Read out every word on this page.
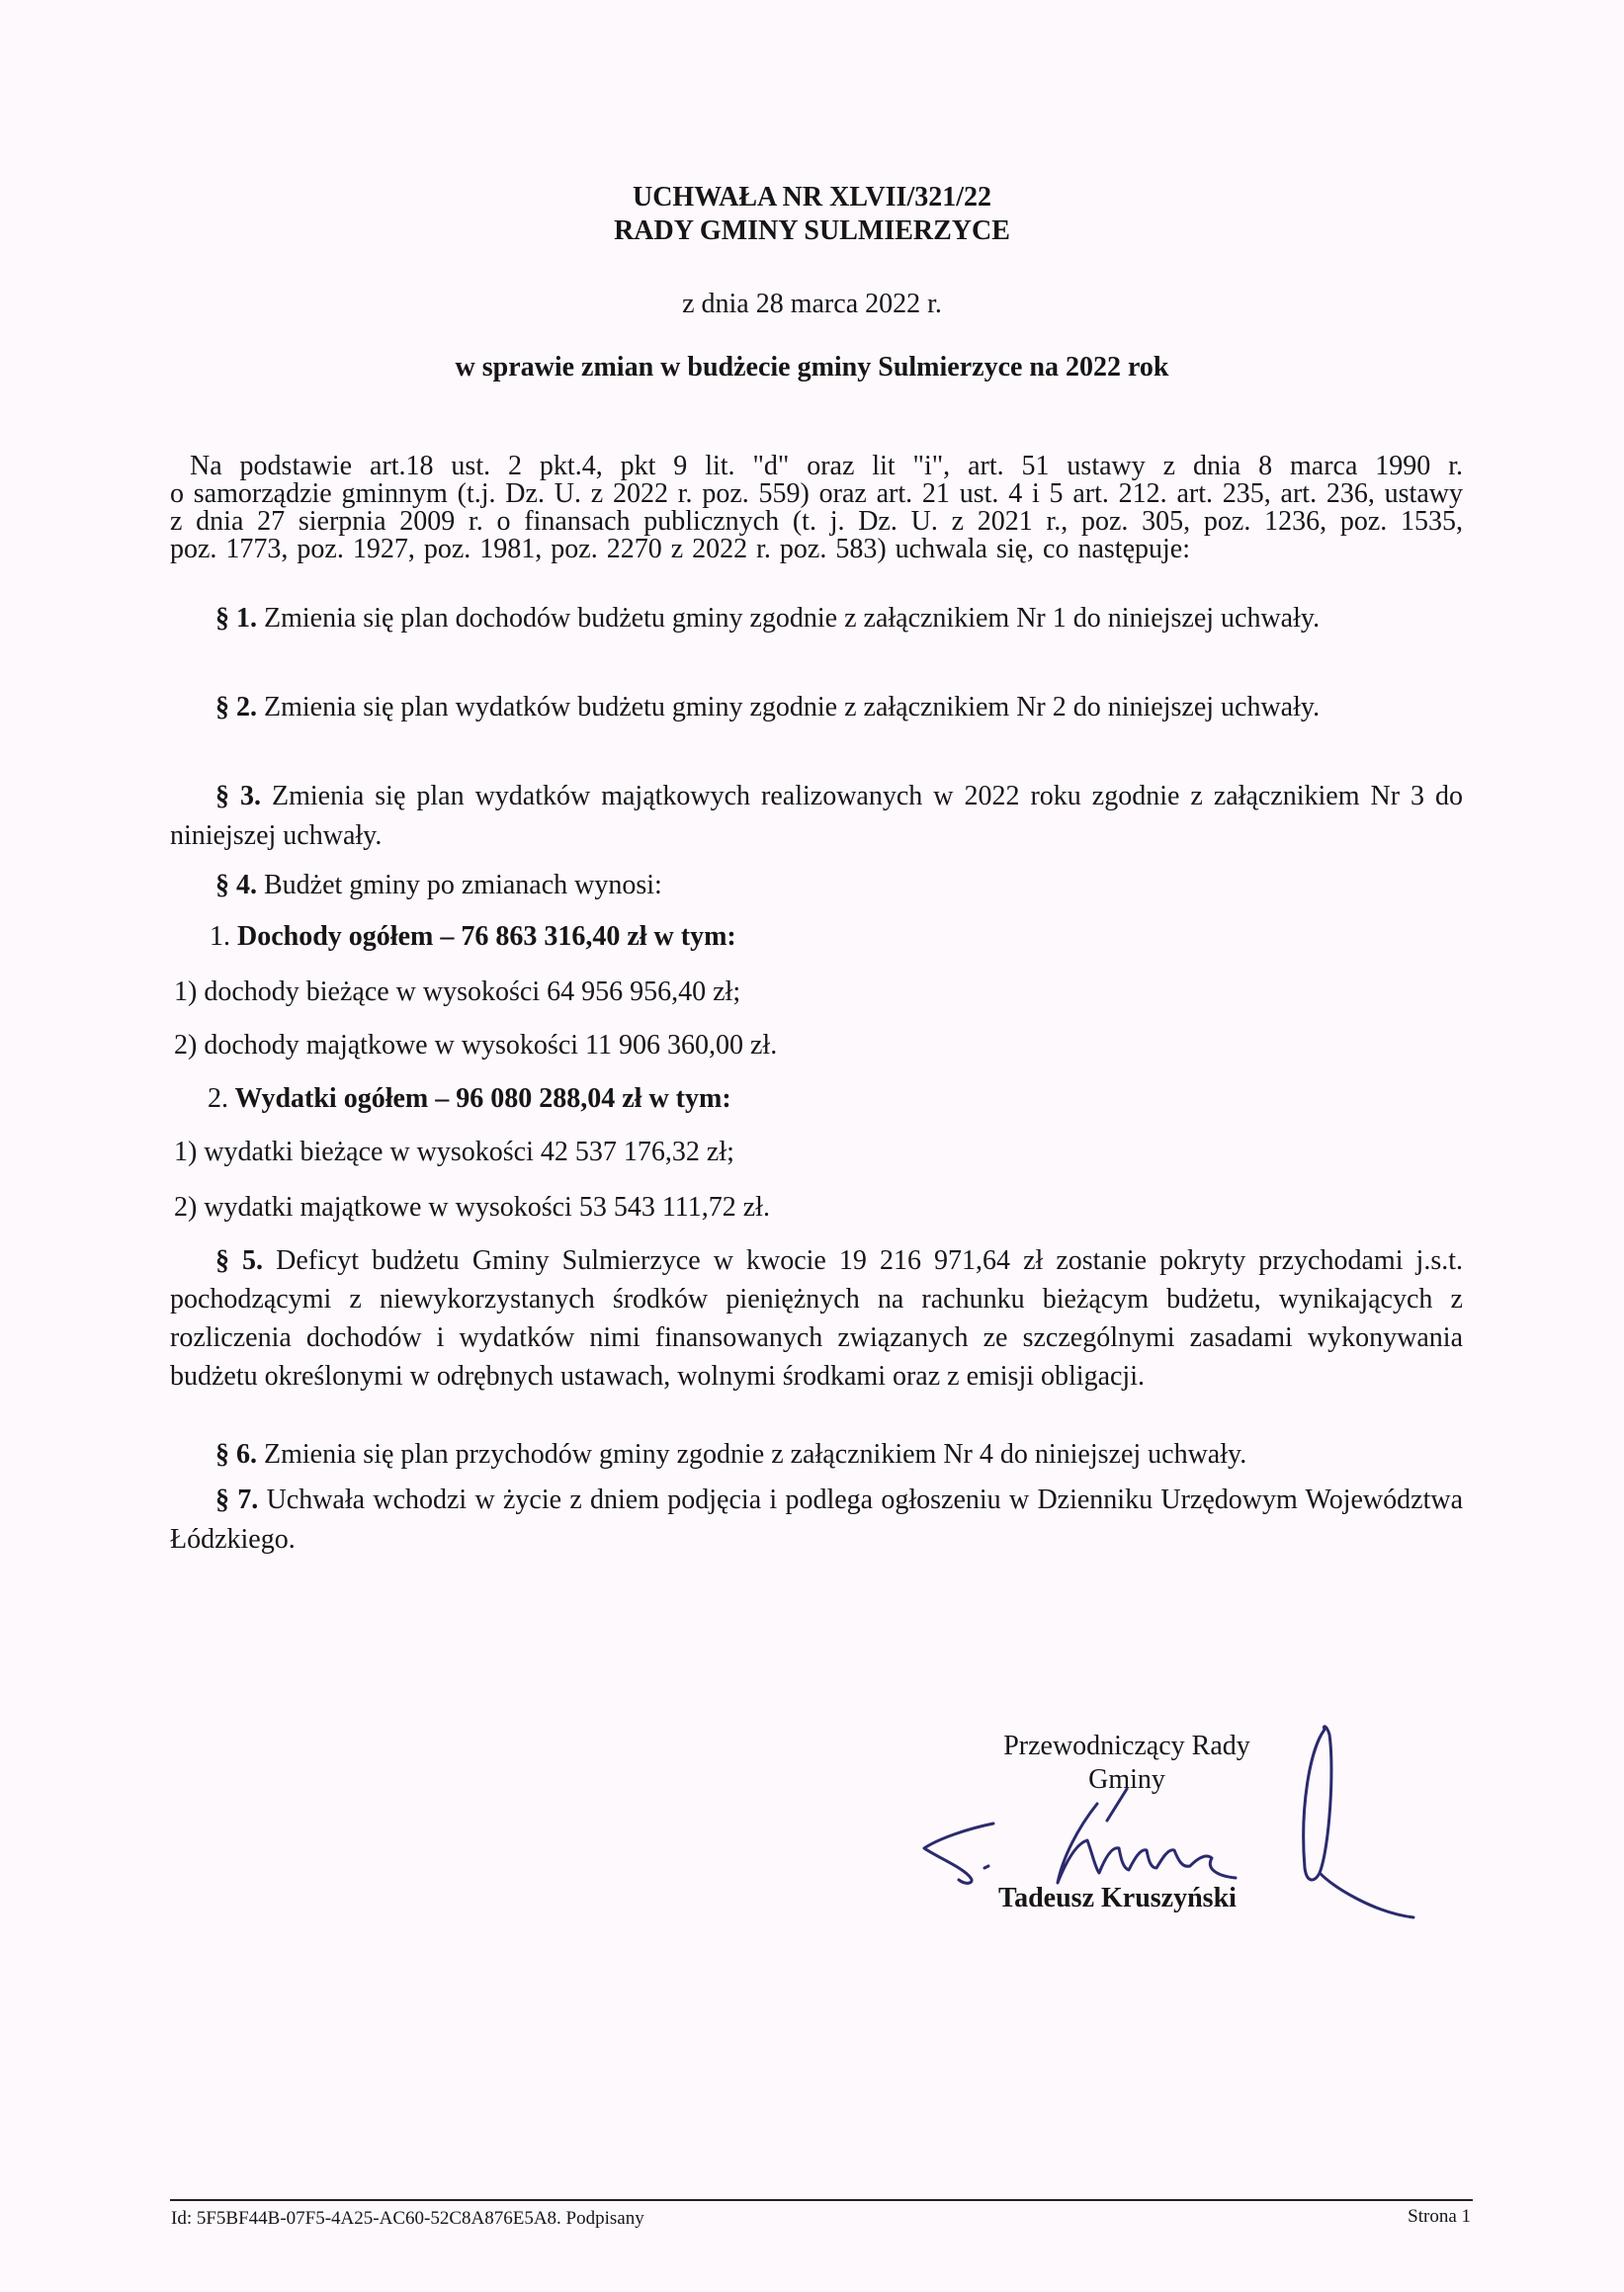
UCHWAŁA NR XLVII/321/22
RADY GMINY SULMIERZYCE
z dnia 28 marca 2022 r.
w sprawie zmian w budżecie gminy Sulmierzyce na 2022 rok
Na podstawie art.18 ust. 2 pkt.4, pkt 9 lit. "d" oraz lit "i", art. 51 ustawy z dnia 8 marca 1990 r.
o samorządzie gminnym (t.j. Dz. U. z 2022 r. poz. 559) oraz art. 21 ust. 4 i 5 art. 212. art. 235, art. 236, ustawy
z dnia 27 sierpnia 2009 r. o finansach publicznych (t. j. Dz. U. z 2021 r., poz. 305, poz. 1236, poz. 1535,
poz. 1773, poz. 1927, poz. 1981, poz. 2270 z 2022 r. poz. 583) uchwala się, co następuje:
§ 1. Zmienia się plan dochodów budżetu gminy zgodnie z załącznikiem Nr 1 do niniejszej uchwały.
§ 2. Zmienia się plan wydatków budżetu gminy zgodnie z załącznikiem Nr 2 do niniejszej uchwały.
§ 3. Zmienia się plan wydatków majątkowych realizowanych w 2022 roku zgodnie z załącznikiem Nr 3 do niniejszej uchwały.
§ 4. Budżet gminy po zmianach wynosi:
1. Dochody ogółem – 76 863 316,40 zł w tym:
1) dochody bieżące w wysokości 64 956 956,40 zł;
2) dochody majątkowe w wysokości 11 906 360,00 zł.
2. Wydatki ogółem – 96 080 288,04 zł w tym:
1) wydatki bieżące w wysokości 42 537 176,32 zł;
2) wydatki majątkowe w wysokości 53 543 111,72 zł.
§ 5. Deficyt budżetu Gminy Sulmierzyce w kwocie 19 216 971,64 zł zostanie pokryty przychodami j.s.t. pochodzącymi z niewykorzystanych środków pieniężnych na rachunku bieżącym budżetu, wynikających z rozliczenia dochodów i wydatków nimi finansowanych związanych ze szczególnymi zasadami wykonywania budżetu określonymi w odrębnych ustawach, wolnymi środkami oraz z emisji obligacji.
§ 6. Zmienia się plan przychodów gminy zgodnie z załącznikiem Nr 4 do niniejszej uchwały.
§ 7. Uchwała wchodzi w życie z dniem podjęcia i podlega ogłoszeniu w Dzienniku Urzędowym Województwa Łódzkiego.
Przewodniczący Rady
Gminy
Tadeusz Kruszyński
Id: 5F5BF44B-07F5-4A25-AC60-52C8A876E5A8. Podpisany	Strona 1
